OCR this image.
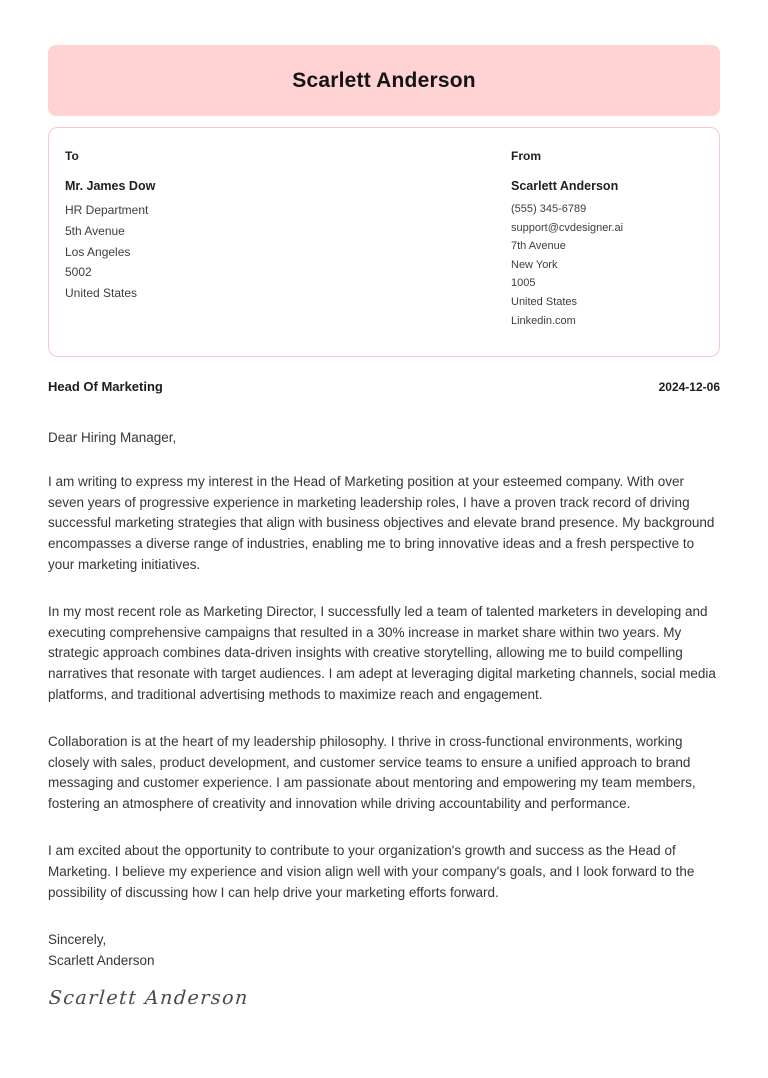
Scarlett Anderson
To
Mr. James Dow
HR Department
5th Avenue
Los Angeles
5002
United States
From
Scarlett Anderson
(555) 345-6789
support@cvdesigner.ai
7th Avenue
New York
1005
United States
Linkedin.com
Head Of Marketing	2024-12-06
Dear Hiring Manager,

I am writing to express my interest in the Head of Marketing position at your esteemed company. With over seven years of progressive experience in marketing leadership roles, I have a proven track record of driving successful marketing strategies that align with business objectives and elevate brand presence. My background encompasses a diverse range of industries, enabling me to bring innovative ideas and a fresh perspective to your marketing initiatives.

In my most recent role as Marketing Director, I successfully led a team of talented marketers in developing and executing comprehensive campaigns that resulted in a 30% increase in market share within two years. My strategic approach combines data-driven insights with creative storytelling, allowing me to build compelling narratives that resonate with target audiences. I am adept at leveraging digital marketing channels, social media platforms, and traditional advertising methods to maximize reach and engagement.

Collaboration is at the heart of my leadership philosophy. I thrive in cross-functional environments, working closely with sales, product development, and customer service teams to ensure a unified approach to brand messaging and customer experience. I am passionate about mentoring and empowering my team members, fostering an atmosphere of creativity and innovation while driving accountability and performance.

I am excited about the opportunity to contribute to your organization's growth and success as the Head of Marketing. I believe my experience and vision align well with your company's goals, and I look forward to the possibility of discussing how I can help drive your marketing efforts forward.

Sincerely,
Scarlett Anderson
Scarlett Anderson
